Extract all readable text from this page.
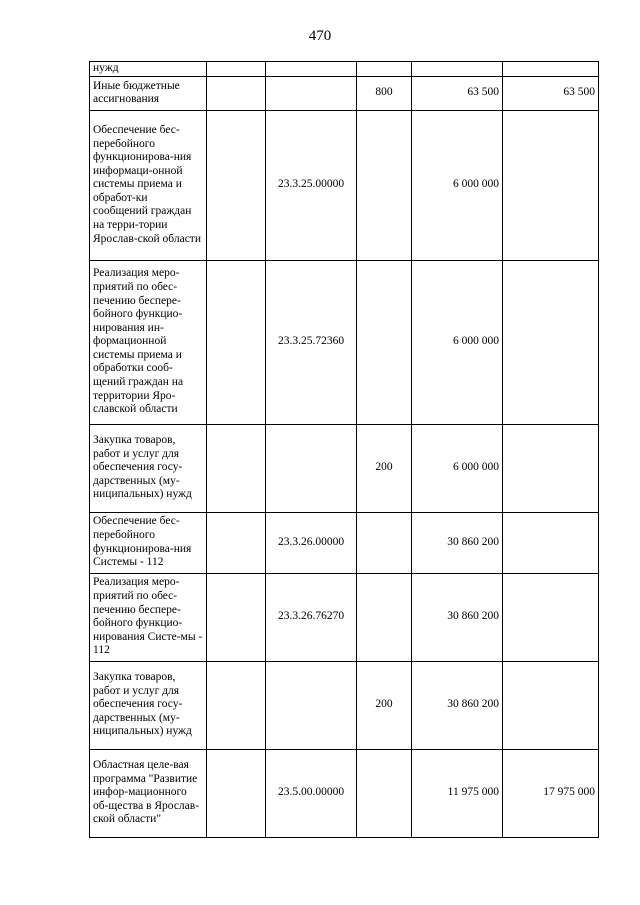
470
нужд					
Иные бюджетные ассигнования			800	63 500	63 500
Обеспечение бес-перебойного функционирова-ния информаци-онной системы приема и обработ-ки сообщений граждан на терри-тории Ярослав-ской области		23.3.25.00000		6 000 000	
Реализация меро-приятий по обес-печению беспере-бойного функцио-нирования ин-формационной системы приема и обработки сооб-щений граждан на территории Яро-славской области		23.3.25.72360		6 000 000	
Закупка товаров, работ и услуг для обеспечения госу-дарственных (му-ниципальных) нужд			200	6 000 000	
Обеспечение бес-перебойного функционирова-ния Системы - 112		23.3.26.00000		30 860 200	
Реализация меро-приятий по обес-печению беспере-бойного функцио-нирования Систе-мы - 112		23.3.26.76270		30 860 200	
Закупка товаров, работ и услуг для обеспечения госу-дарственных (му-ниципальных) нужд			200	30 860 200	
Областная целе-вая программа "Развитие инфор-мационного об-щества в Ярослав-ской области"		23.5.00.00000		11 975 000	17 975 000
